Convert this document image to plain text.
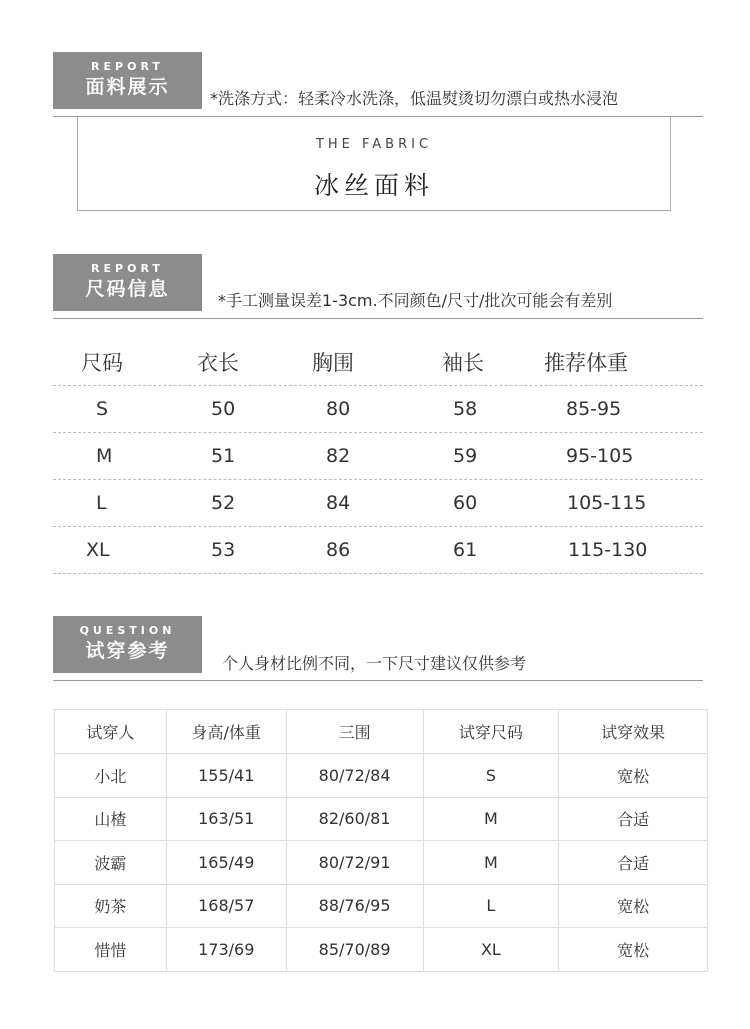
REPORT
面料展示
*洗涤方式：轻柔冷水洗涤，低温熨烫切勿漂白或热水浸泡
THE FABRIC
冰丝面料
REPORT
尺码信息
*手工测量误差1-3cm.不同颜色/尺寸/批次可能会有差别
尺码	衣长	胸围	袖长	推荐体重
S	50	80	58	85-95
M	51	82	59	95-105
L	52	84	60	105-115
XL	53	86	61	115-130
QUESTION
试穿参考
个人身材比例不同，一下尺寸建议仅供参考
试穿人	身高/体重	三围	试穿尺码	试穿效果
小北	155/41	80/72/84	S	宽松
山楂	163/51	82/60/81	M	合适
波霸	165/49	80/72/91	M	合适
奶茶	168/57	88/76/95	L	宽松
惜惜	173/69	85/70/89	XL	宽松
